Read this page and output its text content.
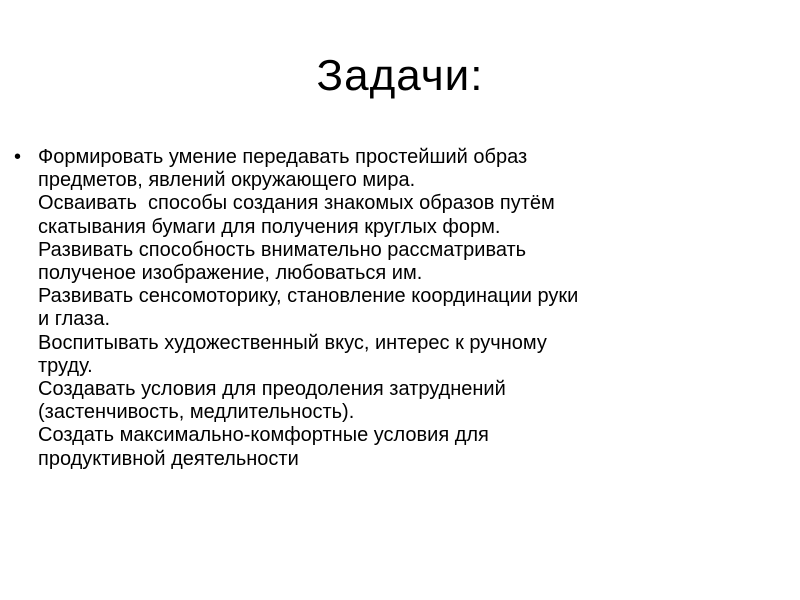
Задачи:
• Формировать умение передавать простейший образ
предметов, явлений окружающего мира.
Осваивать  способы создания знакомых образов путём
скатывания бумаги для получения круглых форм.
Развивать способность внимательно рассматривать
полученое изображение, любоваться им.
Развивать сенсомоторику, становление координации руки
и глаза.
Воспитывать художественный вкус, интерес к ручному
труду.
Создавать условия для преодоления затруднений
(застенчивость, медлительность).
Создать максимально-комфортные условия для
продуктивной деятельности
